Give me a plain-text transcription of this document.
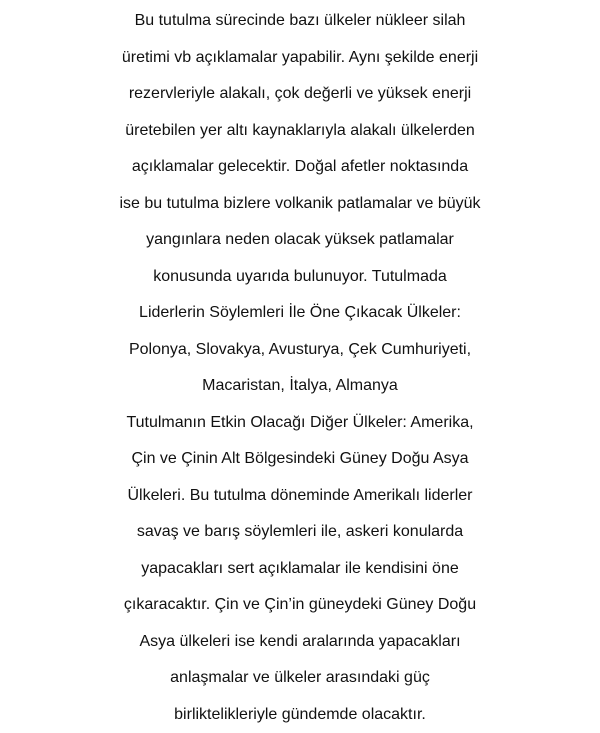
Bu tutulma sürecinde bazı ülkeler nükleer silah
üretimi vb açıklamalar yapabilir. Aynı şekilde enerji
rezervleriyle alakalı, çok değerli ve yüksek enerji
üretebilen yer altı kaynaklarıyla alakalı ülkelerden
açıklamalar gelecektir. Doğal afetler noktasında
ise bu tutulma bizlere volkanik patlamalar ve büyük
yangınlara neden olacak yüksek patlamalar
konusunda uyarıda bulunuyor. Tutulmada
Liderlerin Söylemleri İle Öne Çıkacak Ülkeler:
Polonya, Slovakya, Avusturya, Çek Cumhuriyeti,
Macaristan, İtalya, Almanya
Tutulmanın Etkin Olacağı Diğer Ülkeler: Amerika,
Çin ve Çinin Alt Bölgesindeki Güney Doğu Asya
Ülkeleri. Bu tutulma döneminde Amerikalı liderler
savaş ve barış söylemleri ile, askeri konularda
yapacakları sert açıklamalar ile kendisini öne
çıkaracaktır. Çin ve Çin’in güneydeki Güney Doğu
Asya ülkeleri ise kendi aralarında yapacakları
anlaşmalar ve ülkeler arasındaki güç
birliktelikleriyle gündemde olacaktır.
